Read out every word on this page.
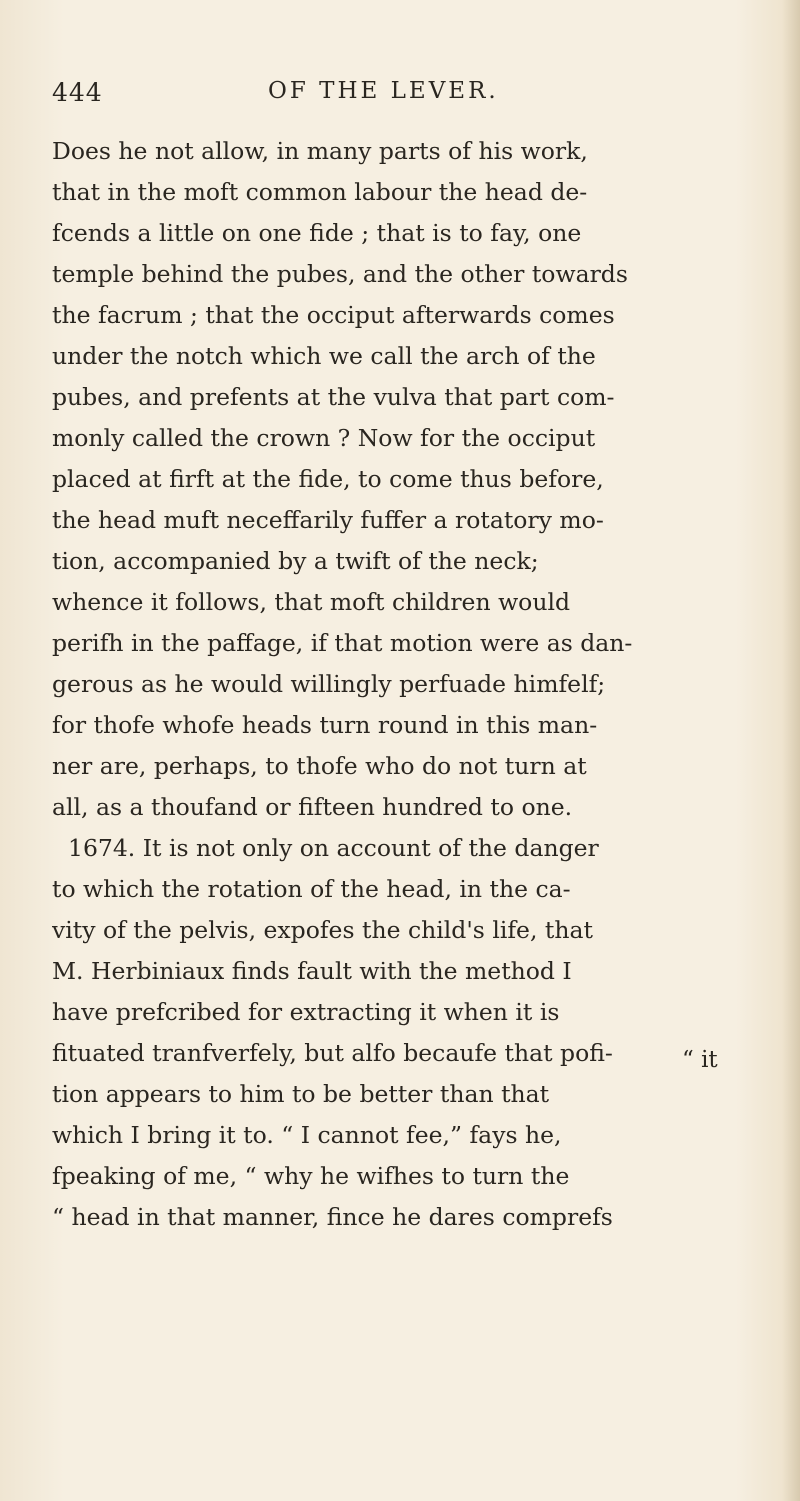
444	OF THE LEVER.
Does he not allow, in many parts of his work,
that in the moft common labour the head de-
fcends a little on one fide ; that is to fay, one
temple behind the pubes, and the other towards
the facrum ; that the occiput afterwards comes
under the notch which we call the arch of the
pubes, and prefents at the vulva that part com-
monly called the crown ? Now for the occiput
placed at firft at the fide, to come thus before,
the head muft neceffarily fuffer a rotatory mo-
tion, accompanied by a twift of the neck;
whence it follows, that moft children would
perifh in the paffage, if that motion were as dan-
gerous as he would willingly perfuade himfelf;
for thofe whofe heads turn round in this man-
ner are, perhaps, to thofe who do not turn at
all, as a thoufand or fifteen hundred to one.
1674. It is not only on account of the danger
to which the rotation of the head, in the ca-
vity of the pelvis, expofes the child's life, that
M. Herbiniaux finds fault with the method I
have prefcribed for extracting it when it is
fituated tranfverfely, but alfo becaufe that pofi-
tion appears to him to be better than that
which I bring it to. “ I cannot fee,” fays he,
fpeaking of me, “ why he wifhes to turn the
“ head in that manner, fince he dares comprefs
“ it
